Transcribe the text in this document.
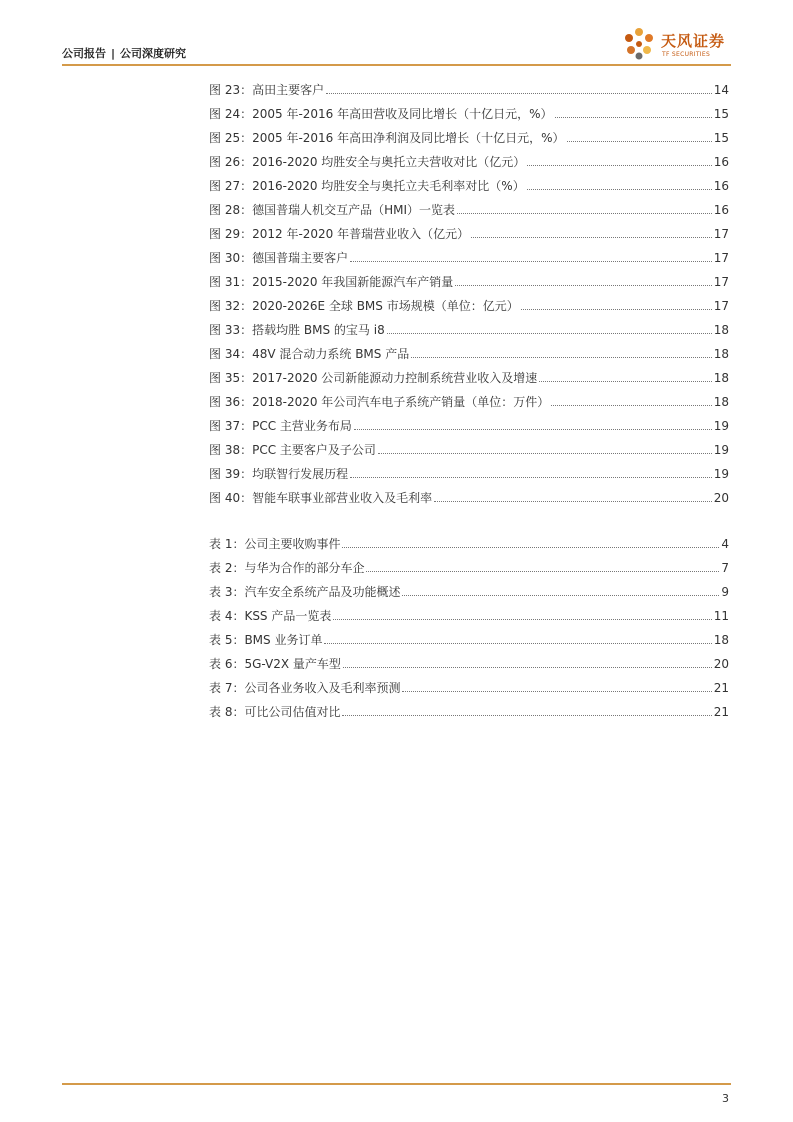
公司报告 | 公司深度研究
天风证券
TF SECURITIES
图 23：高田主要客户	14
图 24：2005 年-2016 年高田营收及同比增长（十亿日元，%）	15
图 25：2005 年-2016 年高田净利润及同比增长（十亿日元，%）	15
图 26：2016-2020 均胜安全与奥托立夫营收对比（亿元）	16
图 27：2016-2020 均胜安全与奥托立夫毛利率对比（%）	16
图 28：德国普瑞人机交互产品（HMI）一览表	16
图 29：2012 年-2020 年普瑞营业收入（亿元）	17
图 30：德国普瑞主要客户	17
图 31：2015-2020 年我国新能源汽车产销量	17
图 32：2020-2026E 全球 BMS 市场规模（单位：亿元）	17
图 33：搭载均胜 BMS 的宝马 i8	18
图 34：48V 混合动力系统 BMS 产品	18
图 35：2017-2020 公司新能源动力控制系统营业收入及增速	18
图 36：2018-2020 年公司汽车电子系统产销量（单位：万件）	18
图 37：PCC 主营业务布局	19
图 38：PCC 主要客户及子公司	19
图 39：均联智行发展历程	19
图 40：智能车联事业部营业收入及毛利率	20
表 1：公司主要收购事件	4
表 2：与华为合作的部分车企	7
表 3：汽车安全系统产品及功能概述	9
表 4：KSS 产品一览表	11
表 5：BMS 业务订单	18
表 6：5G-V2X 量产车型	20
表 7：公司各业务收入及毛利率预测	21
表 8：可比公司估值对比	21
3
